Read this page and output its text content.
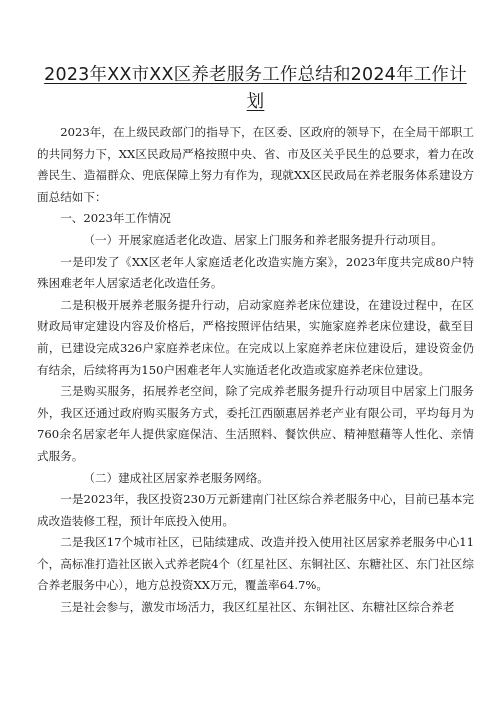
2023年XX市XX区养老服务工作总结和2024年工作计划

2023年，在上级民政部门的指导下，在区委、区政府的领导下，在全局干部职工的共同努力下，XX区民政局严格按照中央、省、市及区关乎民生的总要求，着力在改善民生、造福群众、兜底保障上努力有作为，现就XX区民政局在养老服务体系建设方面总结如下：

一、2023年工作情况

（一）开展家庭适老化改造、居家上门服务和养老服务提升行动项目。

一是印发了《XX区老年人家庭适老化改造实施方案》，2023年度共完成80户特殊困难老年人居家适老化改造任务。

二是积极开展养老服务提升行动，启动家庭养老床位建设，在建设过程中，在区财政局审定建设内容及价格后，严格按照评估结果，实施家庭养老床位建设，截至目前，已建设完成326户家庭养老床位。在完成以上家庭养老床位建设后，建设资金仍有结余，后续将再为150户困难老年人实施适老化改造或家庭养老床位建设。

三是购买服务，拓展养老空间，除了完成养老服务提升行动项目中居家上门服务外，我区还通过政府购买服务方式，委托江西颐惠居养老产业有限公司，平均每月为760余名居家老年人提供家庭保洁、生活照料、餐饮供应、精神慰藉等人性化、亲情式服务。

（二）建成社区居家养老服务网络。

一是2023年，我区投资230万元新建南门社区综合养老服务中心，目前已基本完成改造装修工程，预计年底投入使用。

二是我区17个城市社区，已陆续建成、改造并投入使用社区居家养老服务中心11个，高标准打造社区嵌入式养老院4个（红星社区、东铜社区、东糖社区、东门社区综合养老服务中心），地方总投资XX万元，覆盖率64.7%。

三是社会参与，激发市场活力，我区红星社区、东铜社区、东糖社区综合养老
